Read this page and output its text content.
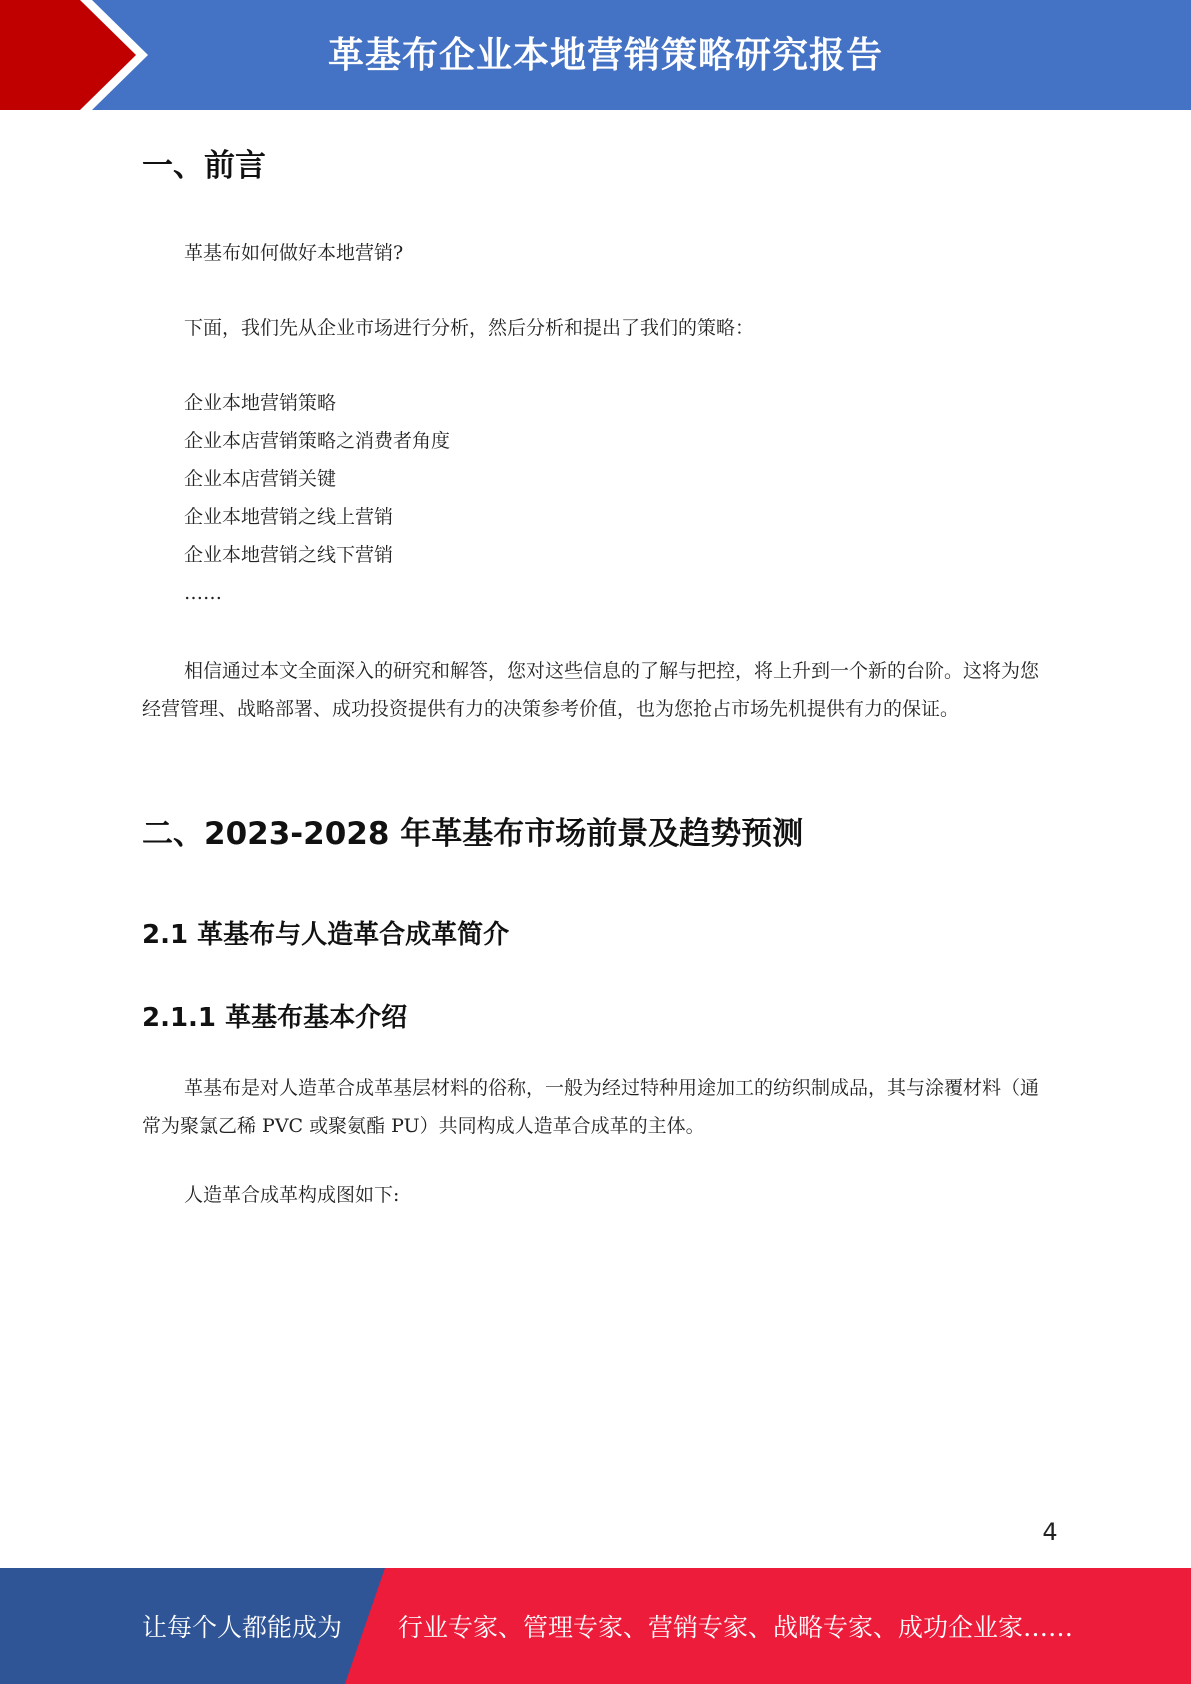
革基布企业本地营销策略研究报告
一、前言

革基布如何做好本地营销?

下面，我们先从企业市场进行分析，然后分析和提出了我们的策略：

企业本地营销策略
企业本店营销策略之消费者角度
企业本店营销关键
企业本地营销之线上营销
企业本地营销之线下营销
……

相信通过本文全面深入的研究和解答，您对这些信息的了解与把控，将上升到一个新的台阶。这将为您经营管理、战略部署、成功投资提供有力的决策参考价值，也为您抢占市场先机提供有力的保证。

二、2023-2028 年革基布市场前景及趋势预测
2.1 革基布与人造革合成革简介
2.1.1 革基布基本介绍

革基布是对人造革合成革基层材料的俗称，一般为经过特种用途加工的纺织制成品，其与涂覆材料（通常为聚氯乙稀 PVC 或聚氨酯 PU）共同构成人造革合成革的主体。

人造革合成革构成图如下:

4
让每个人都能成为 行业专家、管理专家、营销专家、战略专家、成功企业家……
